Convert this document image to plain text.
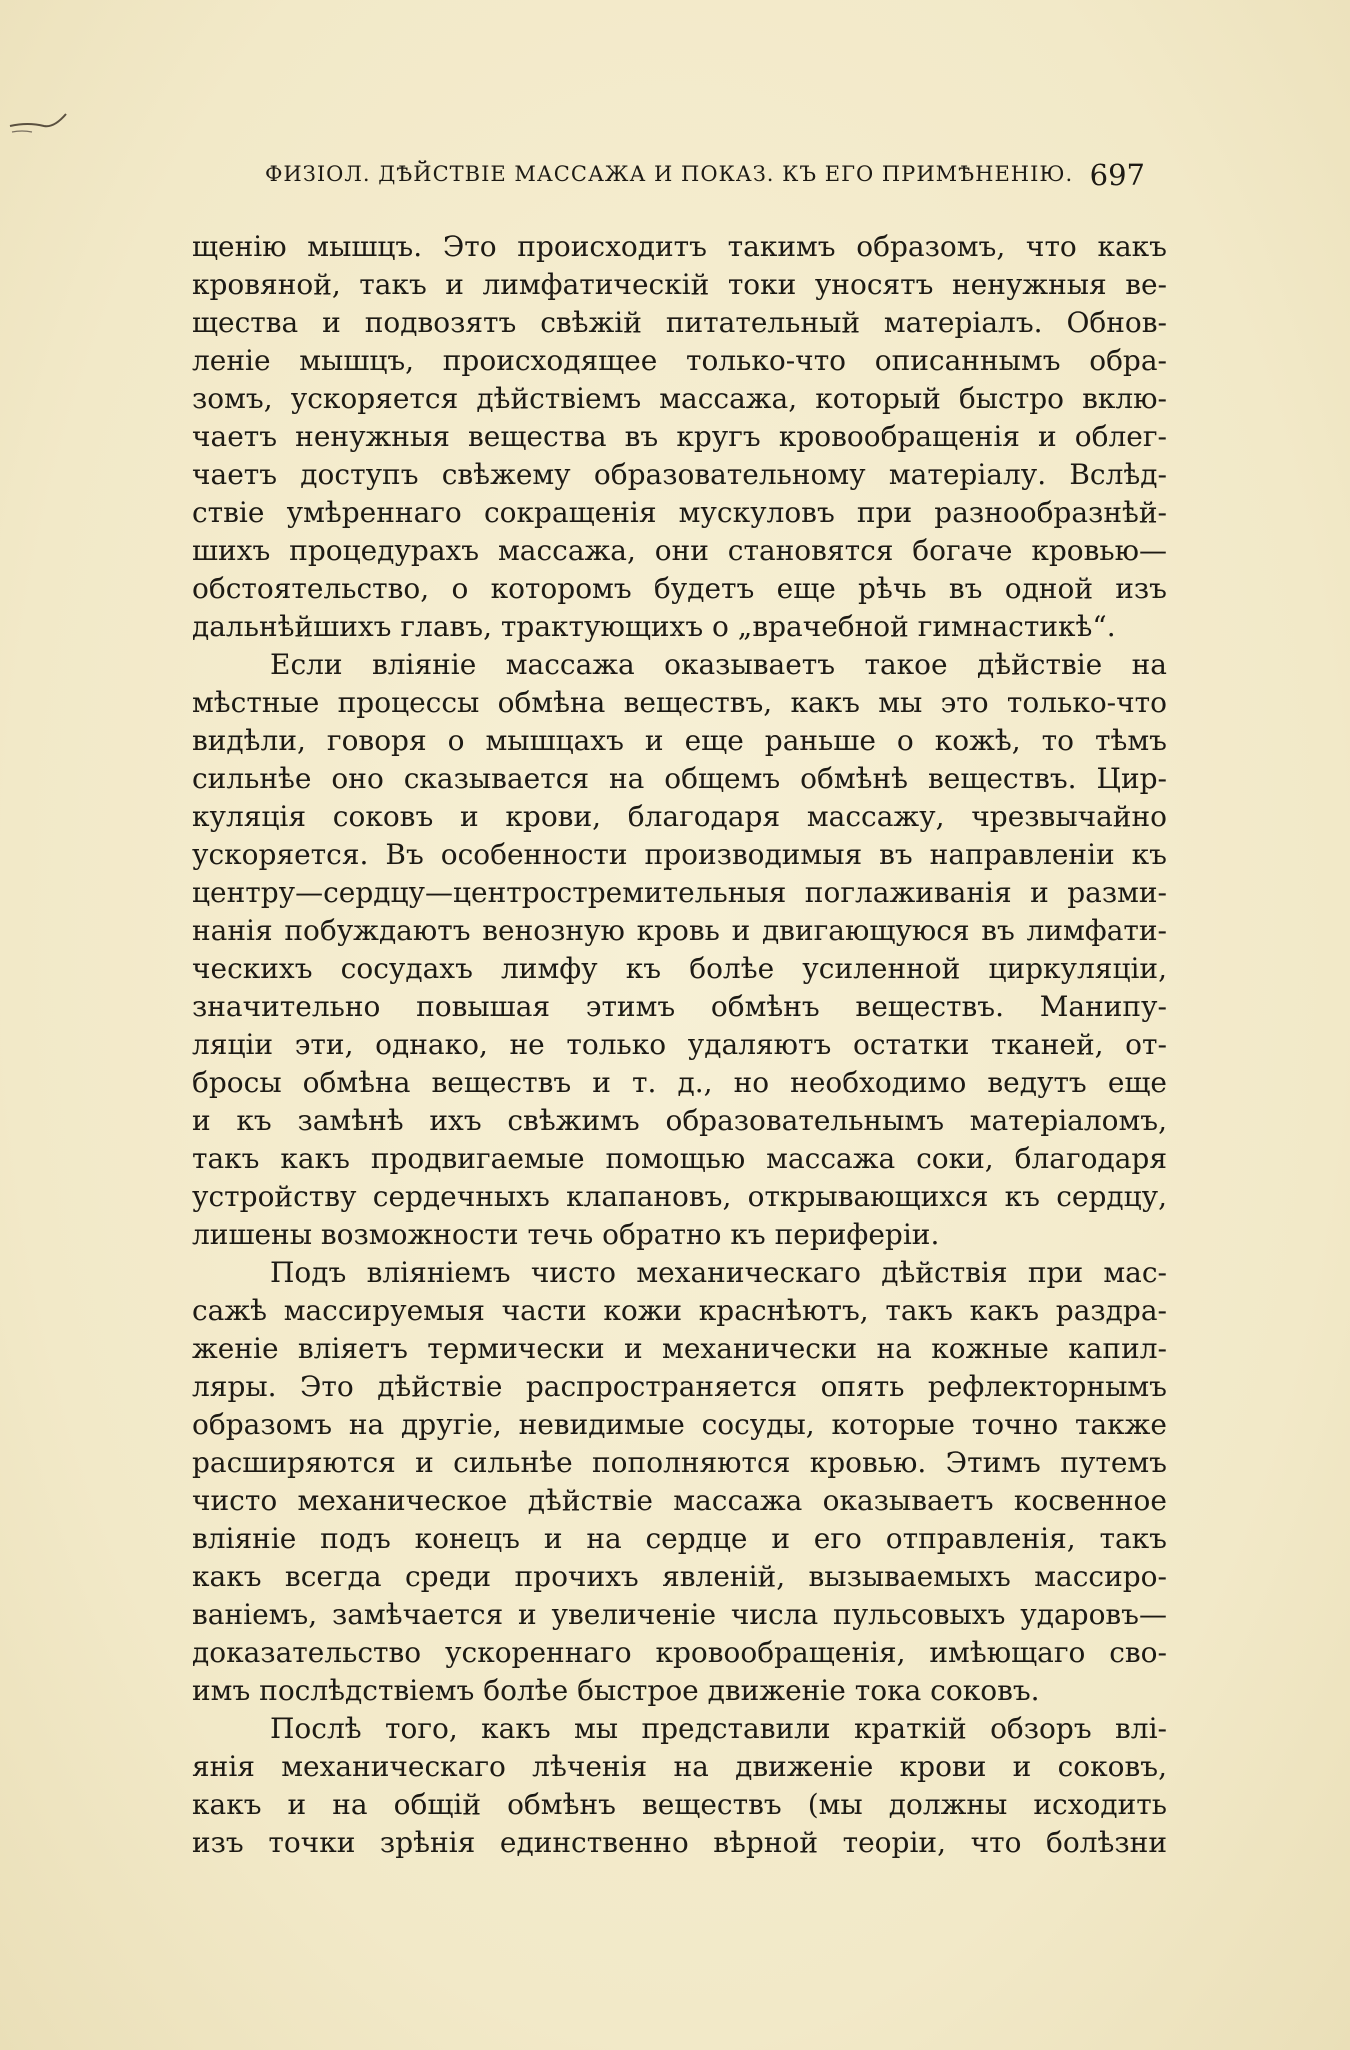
ФИЗІОЛ. ДѢЙСТВІЕ МАССАЖА И ПОКАЗ. КЪ ЕГО ПРИМѢНЕНІЮ. 697
щенію мышцъ. Это происходитъ такимъ образомъ, что какъ
кровяной, такъ и лимфатическій токи уносятъ ненужныя ве-
щества и подвозятъ свѣжій питательный матеріалъ. Обнов-
леніе мышцъ, происходящее только-что описаннымъ обра-
зомъ, ускоряется дѣйствіемъ массажа, который быстро вклю-
чаетъ ненужныя вещества въ кругъ кровообращенія и облег-
чаетъ доступъ свѣжему образовательному матеріалу. Вслѣд-
ствіе умѣреннаго сокращенія мускуловъ при разнообразнѣй-
шихъ процедурахъ массажа, они становятся богаче кровью—
обстоятельство, о которомъ будетъ еще рѣчь въ одной изъ
дальнѣйшихъ главъ, трактующихъ о „врачебной гимнастикѣ“.
Если вліяніе массажа оказываетъ такое дѣйствіе на
мѣстные процессы обмѣна веществъ, какъ мы это только-что
видѣли, говоря о мышцахъ и еще раньше о кожѣ, то тѣмъ
сильнѣе оно сказывается на общемъ обмѣнѣ веществъ. Цир-
куляція соковъ и крови, благодаря массажу, чрезвычайно
ускоряется. Въ особенности производимыя въ направленіи къ
центру—сердцу—центростремительныя поглаживанія и разми-
нанія побуждаютъ венозную кровь и двигающуюся въ лимфати-
ческихъ сосудахъ лимфу къ болѣе усиленной циркуляціи,
значительно повышая этимъ обмѣнъ веществъ. Манипу-
ляціи эти, однако, не только удаляютъ остатки тканей, от-
бросы обмѣна веществъ и т. д., но необходимо ведутъ еще
и къ замѣнѣ ихъ свѣжимъ образовательнымъ матеріаломъ,
такъ какъ продвигаемые помощью массажа соки, благодаря
устройству сердечныхъ клапановъ, открывающихся къ сердцу,
лишены возможности течь обратно къ периферіи.
Подъ вліяніемъ чисто механическаго дѣйствія при мас-
сажѣ массируемыя части кожи краснѣютъ, такъ какъ раздра-
женіе вліяетъ термически и механически на кожные капил-
ляры. Это дѣйствіе распространяется опять рефлекторнымъ
образомъ на другіе, невидимые сосуды, которые точно также
расширяются и сильнѣе пополняются кровью. Этимъ путемъ
чисто механическое дѣйствіе массажа оказываетъ косвенное
вліяніе подъ конецъ и на сердце и его отправленія, такъ
какъ всегда среди прочихъ явленій, вызываемыхъ массиро-
ваніемъ, замѣчается и увеличеніе числа пульсовыхъ ударовъ—
доказательство ускореннаго кровообращенія, имѣющаго сво-
имъ послѣдствіемъ болѣе быстрое движеніе тока соковъ.
Послѣ того, какъ мы представили краткій обзоръ влі-
янія механическаго лѣченія на движеніе крови и соковъ,
какъ и на общій обмѣнъ веществъ (мы должны исходить
изъ точки зрѣнія единственно вѣрной теоріи, что болѣзни
